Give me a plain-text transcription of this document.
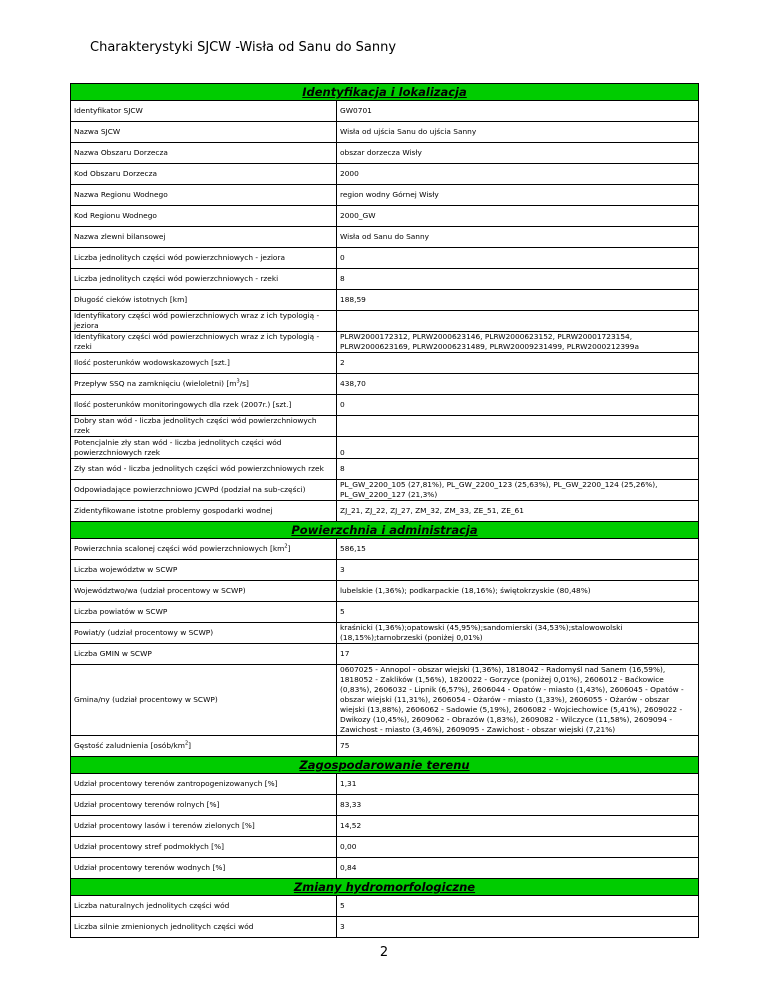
Charakterystyki SJCW -Wisła od Sanu do Sanny
Identyfikacja i lokalizacja	
Identyfikator SJCW	GW0701
Nazwa SJCW	Wisła od ujścia Sanu do ujścia Sanny
Nazwa Obszaru Dorzecza	obszar dorzecza Wisły
Kod Obszaru Dorzecza	2000
Nazwa Regionu Wodnego	region wodny Górnej Wisły
Kod Regionu Wodnego	2000_GW
Nazwa zlewni bilansowej	Wisła od Sanu do Sanny
Liczba jednolitych części wód powierzchniowych - jeziora	0
Liczba jednolitych części wód powierzchniowych - rzeki	8
Długość cieków istotnych [km]	188,59
Identyfikatory części wód powierzchniowych wraz z ich typologią - jeziora	
Identyfikatory części wód powierzchniowych wraz z ich typologią - rzeki	PLRW2000172312, PLRW2000623146, PLRW2000623152, PLRW20001723154, PLRW2000623169, PLRW20006231489, PLRW20009231499, PLRW2000212399a
Ilość posterunków wodowskazowych [szt.]	2
Przepływ SSQ na zamknięciu (wieloletni) $[m^3/s]$	438,70
Ilość posterunków monitoringowych dla rzek (2007r.) [szt.]	0
Dobry stan wód - liczba jednolitych części wód powierzchniowych rzek	
Potencjalnie zły stan wód - liczba jednolitych części wód powierzchniowych rzek	0
Zły stan wód - liczba jednolitych części wód powierzchniowych rzek	8
Odpowiadające powierzchniowo JCWPd (podział na sub-części)	PL_GW_2200_105 (27,81%), PL_GW_2200_123 (25,63%), PL_GW_2200_124 (25,26%), PL_GW_2200_127 (21,3%)
Zidentyfikowane istotne problemy gospodarki wodnej	ZJ_21, ZJ_22, ZJ_27, ZM_32, ZM_33, ZE_51, ZE_61
Powierzchnia i administracja	
Powierzchnia scalonej części wód powierzchniowych $[km^2]$	586,15
Liczba województw w SCWP	3
Województwo/wa (udział procentowy w SCWP)	lubelskie (1,36%); podkarpackie (18,16%); świętokrzyskie (80,48%)
Liczba powiatów w SCWP	5
Powiat/y (udział procentowy w SCWP)	kraśnicki (1,36%);opatowski (45,95%);sandomierski (34,53%);stalowowolski (18,15%);tarnobrzeski (poniżej 0,01%)
Liczba GMIN w SCWP	17
Gmina/ny (udział procentowy w SCWP)	0607025 - Annopol - obszar wiejski (1,36%), 1818042 - Radomyśl nad Sanem (16,59%), 1818052 - Zaklików (1,56%), 1820022 - Gorzyce (poniżej 0,01%), 2606012 - Baćkowice (0,83%), 2606032 - Lipnik (6,57%), 2606044 - Opatów - miasto (1,43%), 2606045 - Opatów - obszar wiejski (11,31%), 2606054 - Ożarów - miasto (1,33%), 2606055 - Ożarów - obszar wiejski (13,88%), 2606062 - Sadowie (5,19%), 2606082 - Wojciechowice (5,41%), 2609022 - Dwikozy (10,45%), 2609062 - Obrazów (1,83%), 2609082 - Wilczyce (11,58%), 2609094 - Zawichost - miasto (3,46%), 2609095 - Zawichost - obszar wiejski (7,21%)
Gęstość zaludnienia $[osób/km^2]$	75
Zagospodarowanie terenu	
Udział procentowy terenów zantropogenizowanych [%]	1,31
Udział procentowy terenów rolnych [%]	83,33
Udział procentowy lasów i terenów zielonych [%]	14,52
Udział procentowy stref podmokłych [%]	0,00
Udział procentowy terenów wodnych [%]	0,84
Zmiany hydromorfologiczne	
Liczba naturalnych jednolitych części wód	5
Liczba silnie zmienionych jednolitych części wód	3
2
